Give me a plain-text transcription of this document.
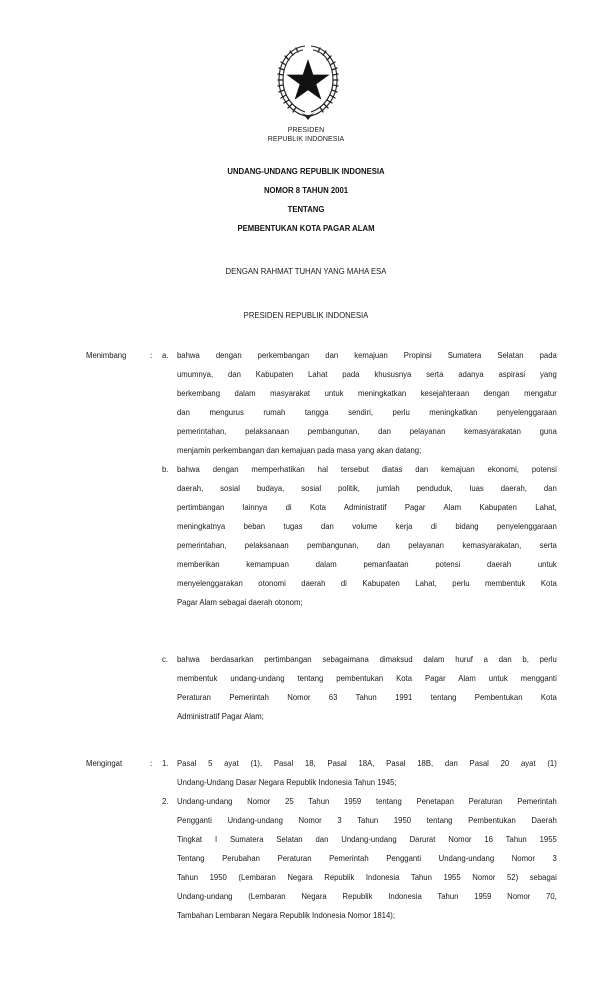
PRESIDEN
REPUBLIK INDONESIA
UNDANG-UNDANG REPUBLIK INDONESIA
NOMOR 8 TAHUN 2001
TENTANG
PEMBENTUKAN KOTA PAGAR ALAM
DENGAN RAHMAT TUHAN YANG MAHA ESA
PRESIDEN REPUBLIK INDONESIA
Menimbang	: a. bahwa dengan perkembangan dan kemajuan Propinsi Sumatera Selatan pada
umumnya, dan Kabupaten Lahat pada khususnya serta adanya aspirasi yang
berkembang dalam masyarakat untuk meningkatkan kesejahteraan dengan mengatur
dan mengurus rumah tangga sendiri, perlu meningkatkan penyelenggaraan
pemerintahan, pelaksanaan pembangunan, dan pelayanan kemasyarakatan guna
menjamin perkembangan dan kemajuan pada masa yang akan datang;
b. bahwa dengan memperhatikan hal tersebut diatas dan kemajuan ekonomi, potensi
daerah, sosial budaya, sosial politik, jumlah penduduk, luas daerah, dan
pertimbangan lainnya di Kota Administratif Pagar Alam Kabupaten Lahat,
meningkatnya beban tugas dan volume kerja di bidang penyelenggaraan
pemerintahan, pelaksanaan pembangunan, dan pelayanan kemasyarakatan, serta
memberikan kemampuan dalam pemanfaatan potensi daerah untuk
menyelenggarakan otonomi daerah di Kabupaten Lahat, perlu membentuk Kota
Pagar Alam sebagai daerah otonom;
c. bahwa berdasarkan pertimbangan sebagaimana dimaksud dalam huruf a dan b, perlu
membentuk undang-undang tentang pembentukan Kota Pagar Alam untuk mengganti
Peraturan Pemerintah Nomor 63 Tahun 1991 tentang Pembentukan Kota
Administratif Pagar Alam;
Mengingat	: 1. Pasal 5 ayat (1), Pasal 18, Pasal 18A, Pasal 18B, dan Pasal 20 ayat (1)
Undang-Undang Dasar Negara Republik Indonesia Tahun 1945;
2. Undang-undang Nomor 25 Tahun 1959 tentang Penetapan Peraturan Pemerintah
Pengganti Undang-undang Nomor 3 Tahun 1950 tentang Pembentukan Daerah
Tingkat I Sumatera Selatan dan Undang-undang Darurat Nomor 16 Tahun 1955
Tentang Perubahan Peraturan Pemerintah Pengganti Undang-undang Nomor 3
Tahun 1950 (Lembaran Negara Republik Indonesia Tahun 1955 Nomor 52) sebagai
Undang-undang (Lembaran Negara Republik Indonesia Tahun 1959 Nomor 70,
Tambahan Lembaran Negara Republik Indonesia Nomor 1814);
